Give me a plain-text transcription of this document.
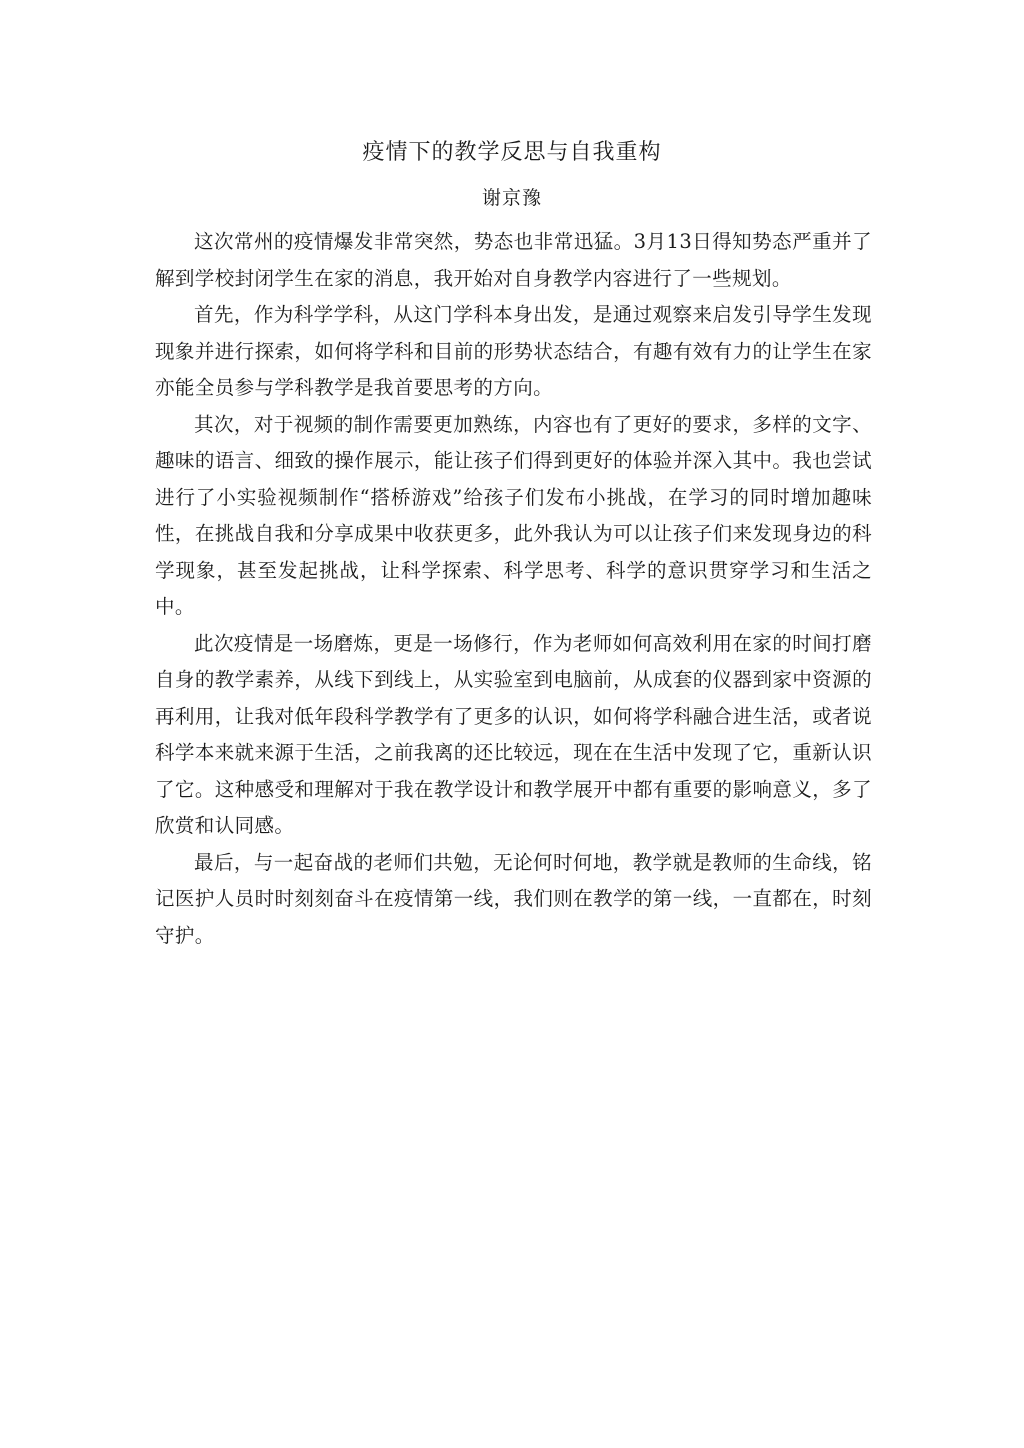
疫情下的教学反思与自我重构
谢京豫

这次常州的疫情爆发非常突然，势态也非常迅猛。3月13日得知势态严重并了解到学校封闭学生在家的消息，我开始对自身教学内容进行了一些规划。

首先，作为科学学科，从这门学科本身出发，是通过观察来启发引导学生发现现象并进行探索，如何将学科和目前的形势状态结合，有趣有效有力的让学生在家亦能全员参与学科教学是我首要思考的方向。

其次，对于视频的制作需要更加熟练，内容也有了更好的要求，多样的文字、趣味的语言、细致的操作展示，能让孩子们得到更好的体验并深入其中。我也尝试进行了小实验视频制作“搭桥游戏”给孩子们发布小挑战，在学习的同时增加趣味性，在挑战自我和分享成果中收获更多，此外我认为可以让孩子们来发现身边的科学现象，甚至发起挑战，让科学探索、科学思考、科学的意识贯穿学习和生活之中。

此次疫情是一场磨炼，更是一场修行，作为老师如何高效利用在家的时间打磨自身的教学素养，从线下到线上，从实验室到电脑前，从成套的仪器到家中资源的再利用，让我对低年段科学教学有了更多的认识，如何将学科融合进生活，或者说科学本来就来源于生活，之前我离的还比较远，现在在生活中发现了它，重新认识了它。这种感受和理解对于我在教学设计和教学展开中都有重要的影响意义，多了欣赏和认同感。

最后，与一起奋战的老师们共勉，无论何时何地，教学就是教师的生命线，铭记医护人员时时刻刻奋斗在疫情第一线，我们则在教学的第一线，一直都在，时刻守护。
